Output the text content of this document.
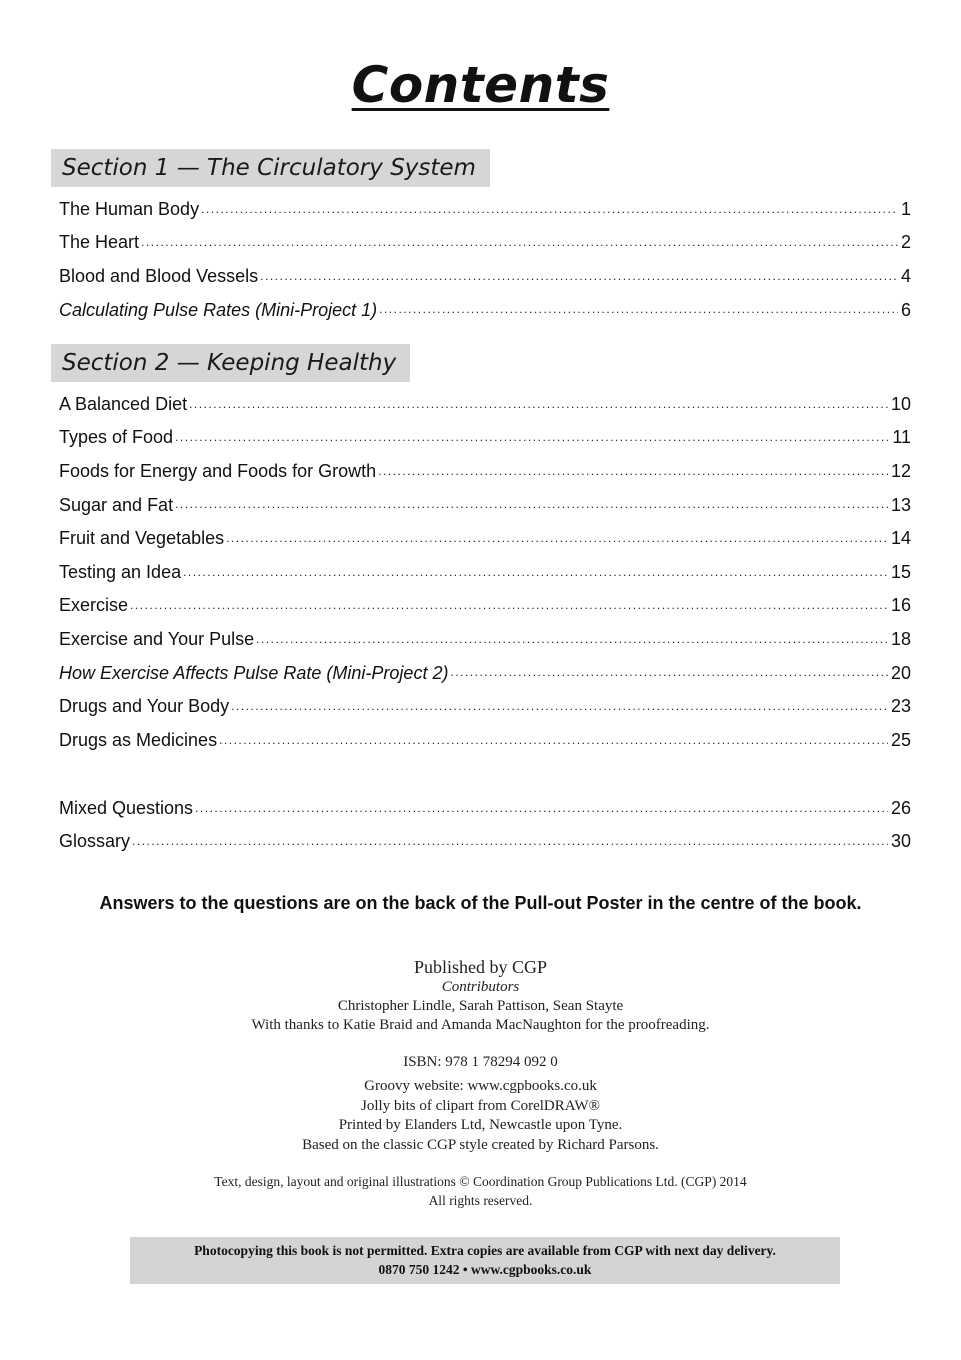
Contents
Section 1 — The Circulatory System
The Human Body .....	1
The Heart .....	2
Blood and Blood Vessels .....	4
Calculating Pulse Rates (Mini-Project 1) .....	6
Section 2 — Keeping Healthy
A Balanced Diet .....	10
Types of Food .....	11
Foods for Energy and Foods for Growth .....	12
Sugar and Fat .....	13
Fruit and Vegetables .....	14
Testing an Idea .....	15
Exercise .....	16
Exercise and Your Pulse .....	18
How Exercise Affects Pulse Rate (Mini-Project 2) .....	20
Drugs and Your Body .....	23
Drugs as Medicines .....	25
Mixed Questions .....	26
Glossary .....	30
Answers to the questions are on the back of the Pull-out Poster in the centre of the book.

Published by CGP

Contributors

Christopher Lindle, Sarah Pattison, Sean Stayte

With thanks to Katie Braid and Amanda MacNaughton for the proofreading.

ISBN: 978 1 78294 092 0

Groovy website: www.cgpbooks.co.uk

Jolly bits of clipart from CorelDRAW®

Printed by Elanders Ltd, Newcastle upon Tyne.

Based on the classic CGP style created by Richard Parsons.

Text, design, layout and original illustrations © Coordination Group Publications Ltd. (CGP) 2014

All rights reserved.

Photocopying this book is not permitted. Extra copies are available from CGP with next day delivery.

0870 750 1242 • www.cgpbooks.co.uk
